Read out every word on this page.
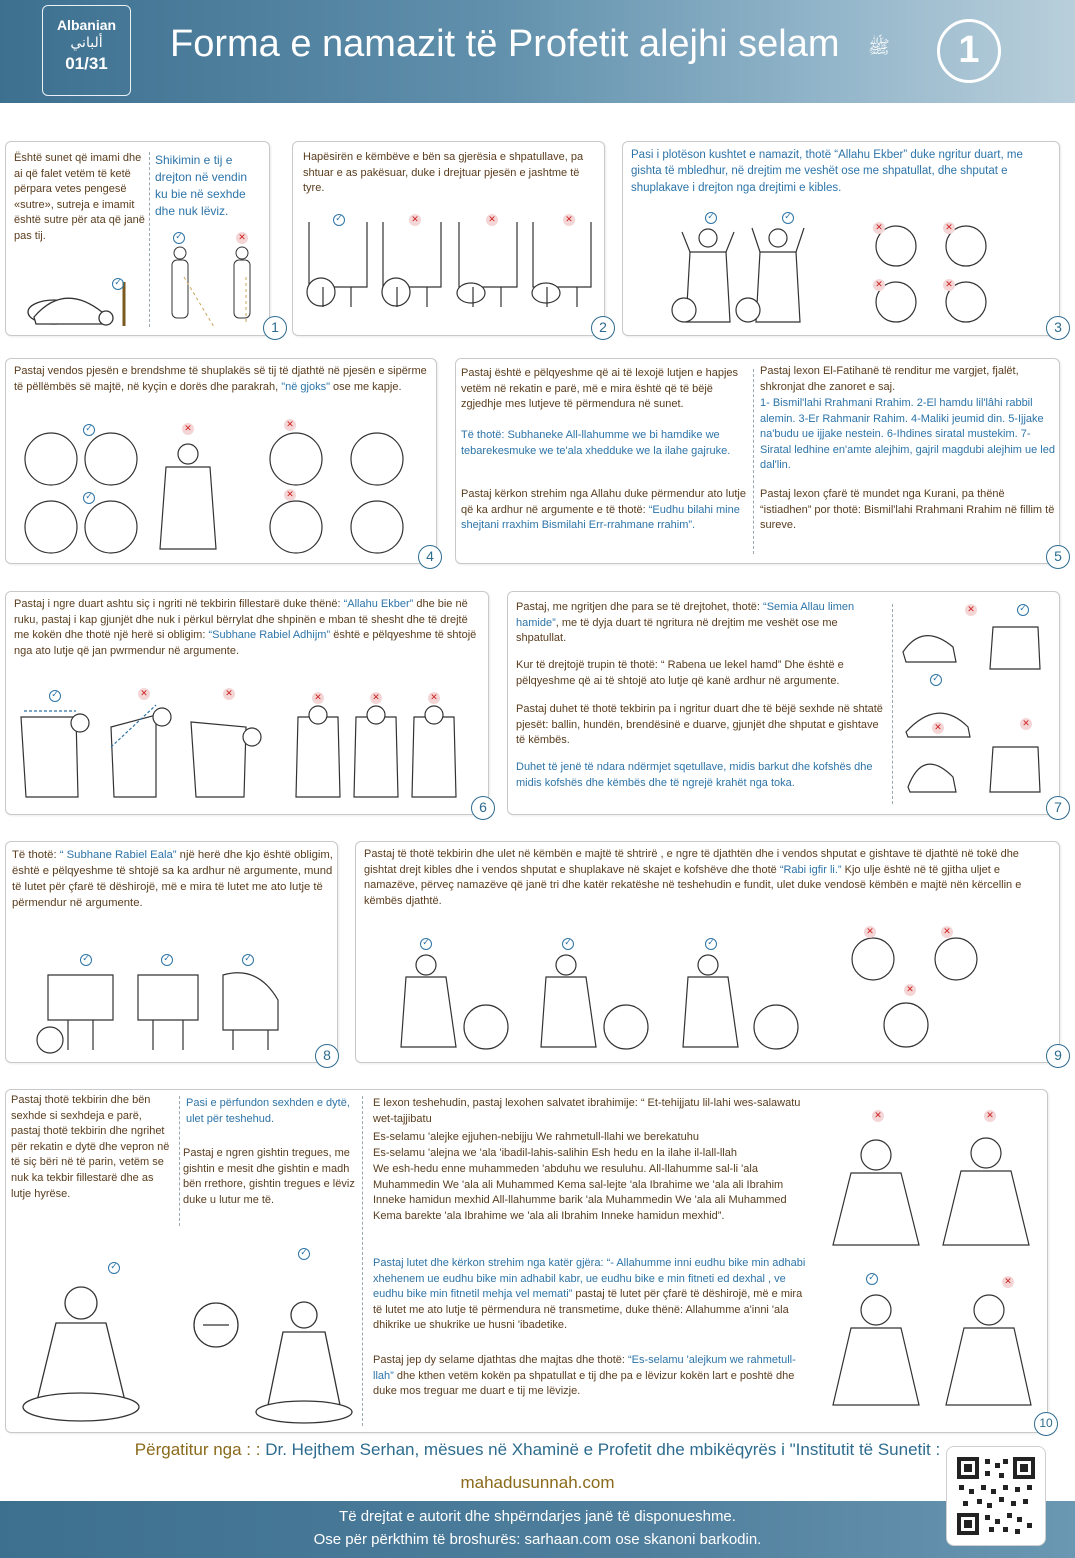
Albanian
ألباني
01/31	Forma e namazit të Profetit alejhi selam ﷺ	1
Është sunet që imami dhe ai që falet vetëm të ketë përpara vetes pengesë «sutre», sutreja e imamit është sutre për ata që janë pas tij.
Shikimin e tij e drejton në vendin ku bie në sexhde dhe nuk lëviz.
✓
✓	✕
1
Hapësirën e këmbëve e bën sa gjerësia e shpatullave, pa shtuar e as pakësuar, duke i drejtuar pjesën e jashtme të tyre.
✓	✕	✕	✕
2
Pasi i plotëson kushtet e namazit, thotë “Allahu Ekber” duke ngritur duart, me gishta të mbledhur, në drejtim me veshët ose me shpatullat, dhe shputat e shuplakave i drejton nga drejtimi e kibles.
✓	✓
✕	✕
✕	✕
3
Pastaj vendos pjesën e brendshme të shuplakës së tij të djathtë në pjesën e sipërme të pëllëmbës së majtë, në kyçin e dorës dhe parakrah, "në gjoks" ose me kapje.
✓
✓
✕	✕
✕
4
Pastaj është e pëlqyeshme që ai të lexojë lutjen e hapjes vetëm në rekatin e parë, më e mira është që të bëjë zgjedhje mes lutjeve të përmendura në sunet.
Të thotë: Subhaneke All-llahumme we bi hamdike we tebarekesmuke we te'ala xhedduke we la ilahe gajruke.
Pastaj kërkon strehim nga Allahu duke përmendur ato lutje që ka ardhur në argumente e të thotë: “Eudhu bilahi mine shejtani rraxhim Bismilahi Err-rrahmane rrahim”.
Pastaj lexon El-Fatihanë të renditur me vargjet, fjalët, shkronjat dhe zanoret e saj.
1- Bismil'lahi Rrahmani Rrahim. 2-El hamdu lil'lâhi rabbil alemin. 3-Er Rahmanir Rahim. 4-Maliki jeumid din. 5-Ijjake na'budu ue ijjake nestein. 6-Ihdines siratal mustekim. 7-Siratal ledhine en'amte alejhim, gajril magdubi alejhim ue led dal'lin.
Pastaj lexon çfarë të mundet nga Kurani, pa thënë “istiadhen” por thotë: Bismil'lahi Rrahmani Rrahim në fillim të sureve.
5
Pastaj i ngre duart ashtu siç i ngriti në tekbirin fillestarë duke thënë: “Allahu Ekber” dhe bie në ruku, pastaj i kap gjunjët dhe nuk i përkul bërrylat dhe shpinën e mban të shesht dhe të drejtë me kokën dhe thotë një herë si obligim: “Subhane Rabiel Adhijm” është e pëlqyeshme të shtojë nga ato lutje që jan pwrmendur në argumente.
✓	✕	✕	✕	✕	✕
6
Pastaj, me ngritjen dhe para se të drejtohet, thotë: “Semia Allau limen hamide”, me të dyja duart të ngritura në drejtim me veshët ose me shpatullat.
Kur të drejtojë trupin të thotë: “ Rabena ue lekel hamd” Dhe është e pëlqyeshme që ai të shtojë ato lutje që kanë ardhur në argumente.
Pastaj duhet të thotë tekbirin pa i ngritur duart dhe të bëjë sexhde në shtatë pjesët: ballin, hundën, brendësinë e duarve, gjunjët dhe shputat e gishtave të këmbës.
Duhet të jenë të ndara ndërmjet sqetullave, midis barkut dhe kofshës dhe midis kofshës dhe këmbës dhe të ngrejë krahët nga toka.
✕	✓
✓
✕	✕
7
Të thotë: “ Subhane Rabiel Eala” një herë dhe kjo është obligim, është e pëlqyeshme të shtojë sa ka ardhur në argumente, mund të lutet për çfarë të dëshirojë, më e mira të lutet me ato lutje të përmendur në argumente.
✓	✓	✓
8
Pastaj të thotë tekbirin dhe ulet në këmbën e majtë të shtrirë , e ngre të djathtën dhe i vendos shputat e gishtave të djathtë në tokë dhe gishtat drejt kibles dhe i vendos shputat e shuplakave në skajet e kofshëve dhe thotë “Rabi igfir li.” Kjo ulje është në të gjitha uljet e namazëve, përveç namazëve që janë tri dhe katër rekatëshe në teshehudin e fundit, ulet duke vendosë këmbën e majtë nën kërcellin e këmbës djathtë.
✓	✓	✓
✕	✕
✕
9
Pastaj thotë tekbirin dhe bën sexhde si sexhdeja e parë, pastaj thotë tekbirin dhe ngrihet për rekatin e dytë dhe vepron në të siç bëri në të parin, vetëm se nuk ka tekbir fillestarë dhe as lutje hyrëse.
Pasi e përfundon sexhden e dytë, ulet për teshehud.
Pastaj e ngren gishtin tregues, me gishtin e mesit dhe gishtin e madh bën rrethore, gishtin tregues e lëviz duke u lutur me të.
E lexon teshehudin, pastaj lexohen salvatet ibrahimije: “ Et-tehijjatu lil-lahi wes-salawatu wet-tajjibatu
Es-selamu 'alejke ejjuhen-nebijju We rahmetull-llahi we berekatuhu
Es-selamu 'alejna we 'ala 'ibadil-lahis-salihin Esh hedu en la ilahe il-lall-llah
We esh-hedu enne muhammeden 'abduhu we resuluhu. All-llahumme sal-li 'ala Muhammedin We 'ala ali Muhammed Kema sal-lejte 'ala Ibrahime we 'ala ali Ibrahim Inneke hamidun mexhid All-llahumme barik 'ala Muhammedin We 'ala ali Muhammed Kema barekte 'ala Ibrahime we 'ala ali Ibrahim Inneke hamidun mexhid”.
Pastaj lutet dhe kërkon strehim nga katër gjëra: “- Allahumme inni eudhu bike min adhabi xhehenem ue eudhu bike min adhabil kabr, ue eudhu bike e min fitneti ed dexhal , ve eudhu bike min fitnetil mehja vel memati” pastaj të lutet për çfarë të dëshirojë, më e mira të lutet me ato lutje të përmendura në transmetime, duke thënë: Allahumme a'inni 'ala dhikrike ue shukrike ue husni 'ibadetike.
Pastaj jep dy selame djathtas dhe majtas dhe thotë: “Es-selamu 'alejkum we rahmetull-llah” dhe kthen vetëm kokën pa shpatullat e tij dhe pa e lëvizur kokën lart e poshtë dhe duke mos treguar me duart e tij me lëvizje.
✓
✓
✕	✕
✓	✕
10
Përgatitur nga : : Dr. Hejthem Serhan, mësues në Xhaminë e Profetit dhe mbikëqyrës i "Institutit të Sunetit :
mahadusunnah.com
Të drejtat e autorit dhe shpërndarjes janë të disponueshme.
Ose për përkthim të broshurës: sarhaan.com ose skanoni barkodin.
